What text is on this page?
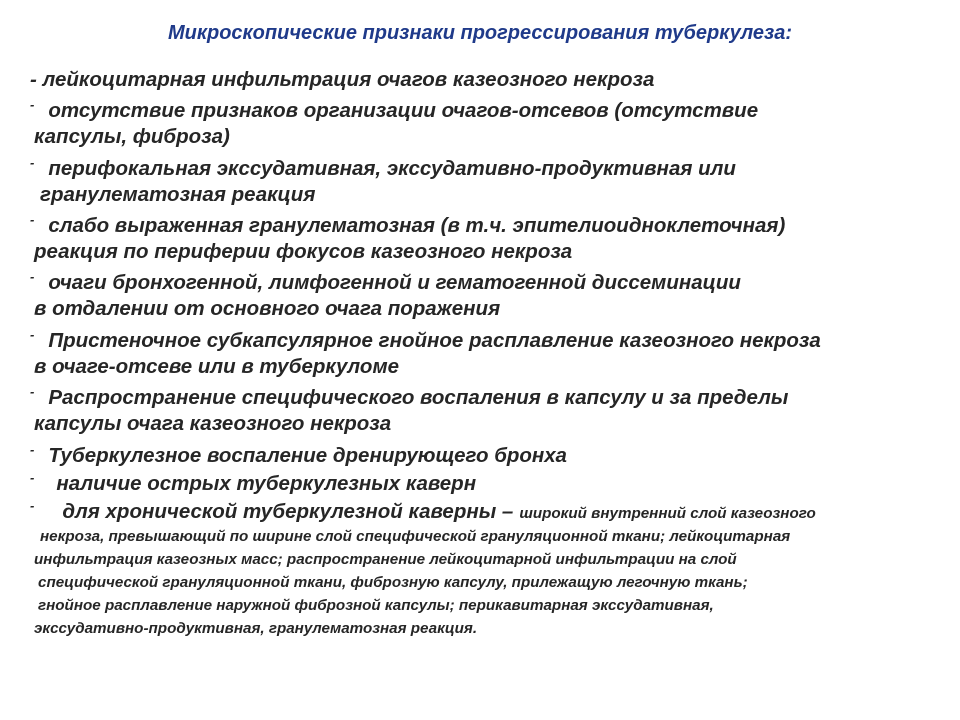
Микроскопические признаки прогрессирования туберкулеза:
- лейкоцитарная инфильтрация очагов казеозного некроза
- отсутствие признаков организации очагов-отсевов (отсутствие
капсулы, фиброза)
- перифокальная экссудативная, экссудативно-продуктивная или
гранулематозная реакция
- слабо выраженная гранулематозная (в т.ч. эпителиоидноклеточная)
реакция по периферии фокусов казеозного некроза
- очаги бронхогенной, лимфогенной и гематогенной диссеминации
в отдалении от основного очага поражения
- Пристеночное субкапсулярное гнойное расплавление казеозного некроза
в очаге-отсеве или в туберкуломе
- Распространение специфического воспаления в капсулу и за пределы
капсулы очага казеозного некроза
- Туберкулезное воспаление дренирующего бронха
- наличие острых туберкулезных каверн
- для хронической туберкулезной каверны – широкий внутренний слой казеозного
некроза, превышающий по ширине слой специфической грануляционной ткани; лейкоцитарная
инфильтрация казеозных масс; распространение лейкоцитарной инфильтрации на слой
специфической грануляционной ткани, фиброзную капсулу, прилежащую легочную ткань;
гнойное расплавление наружной фиброзной капсулы; перикавитарная экссудативная,
экссудативно-продуктивная, гранулематозная реакция.
